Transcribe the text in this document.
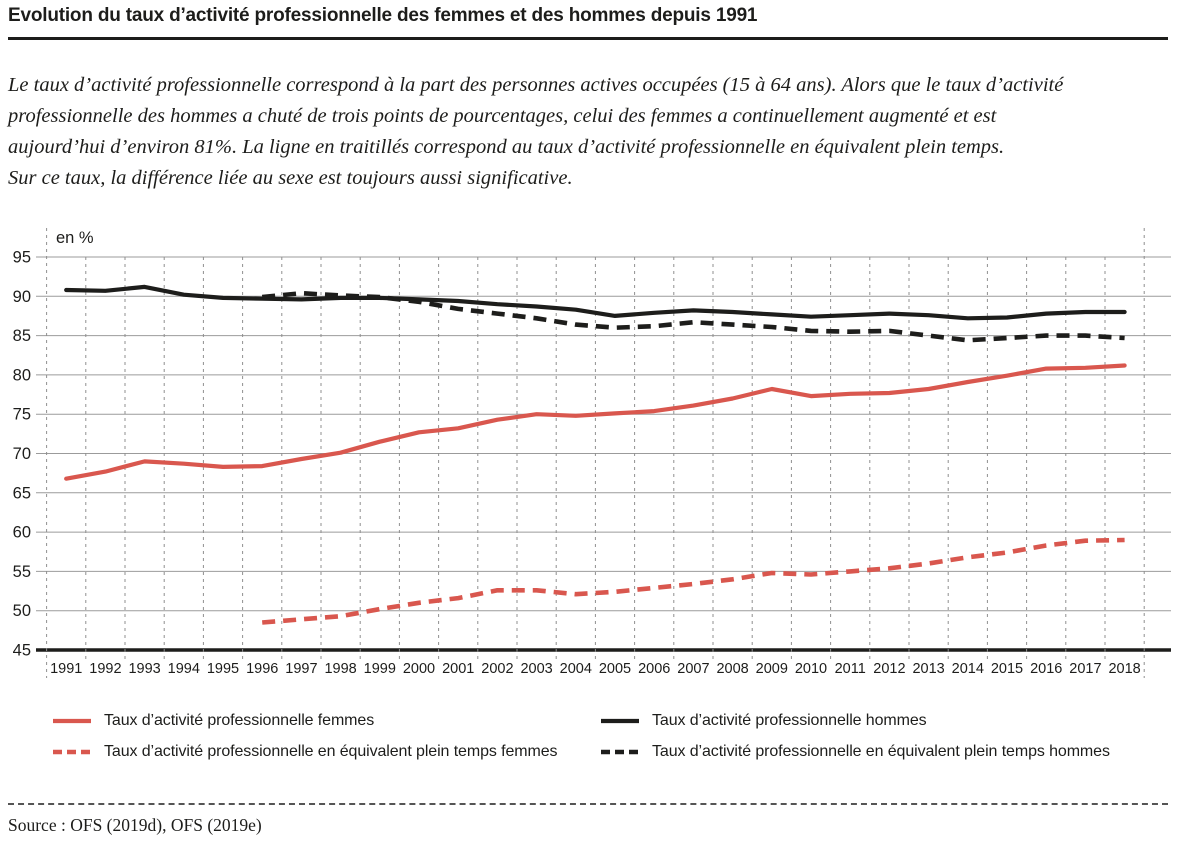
Evolution du taux d’activité professionnelle des femmes et des hommes depuis 1991
Le taux d’activité professionnelle correspond à la part des personnes actives occupées (15 à 64 ans). Alors que le taux d’activité
professionnelle des hommes a chuté de trois points de pourcentages, celui des femmes a continuellement augmenté et est
aujourd’hui d’environ 81%. La ligne en traitillés correspond au taux d’activité professionnelle en équivalent plein temps.
Sur ce taux, la différence liée au sexe est toujours aussi significative.
45
50
55
60
65
70
75
80
85
90
95
1991 1992 1993 1994 1995 1996 1997 1998 1999 2000 2001 2002 2003 2004 2005 2006 2007 2008 2009 2010 2011 2012 2013 2014 2015 2016 2017 2018
en %
Taux d’activité professionnelle femmes
Taux d’activité professionnelle en équivalent plein temps femmes
Taux d’activité professionnelle hommes
Taux d’activité professionnelle en équivalent plein temps hommes
Source : OFS (2019d), OFS (2019e)
